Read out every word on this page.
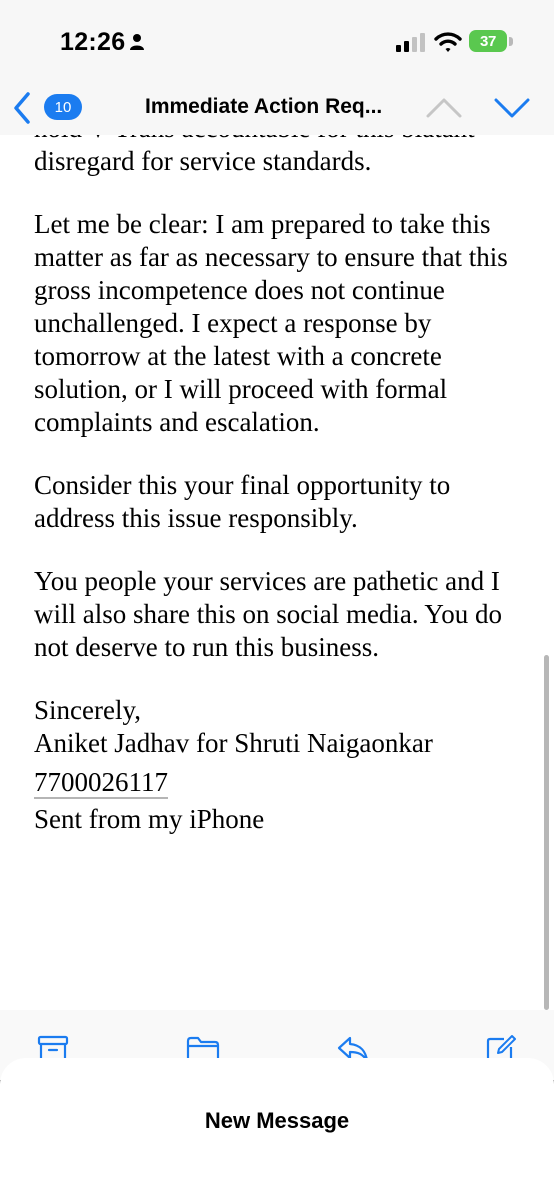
disregard for service standards.

Let me be clear: I am prepared to take this matter as far as necessary to ensure that this gross incompetence does not continue unchallenged. I expect a response by tomorrow at the latest with a concrete solution, or I will proceed with formal complaints and escalation.

Consider this your final opportunity to address this issue responsibly.

You people your services are pathetic and I will also share this on social media. You do not deserve to run this business.

Sincerely,
Aniket Jadhav for Shruti Naigaonkar
7700026117
Sent from my iPhone
12:26	37
10	Immediate Action Req...
New Message
